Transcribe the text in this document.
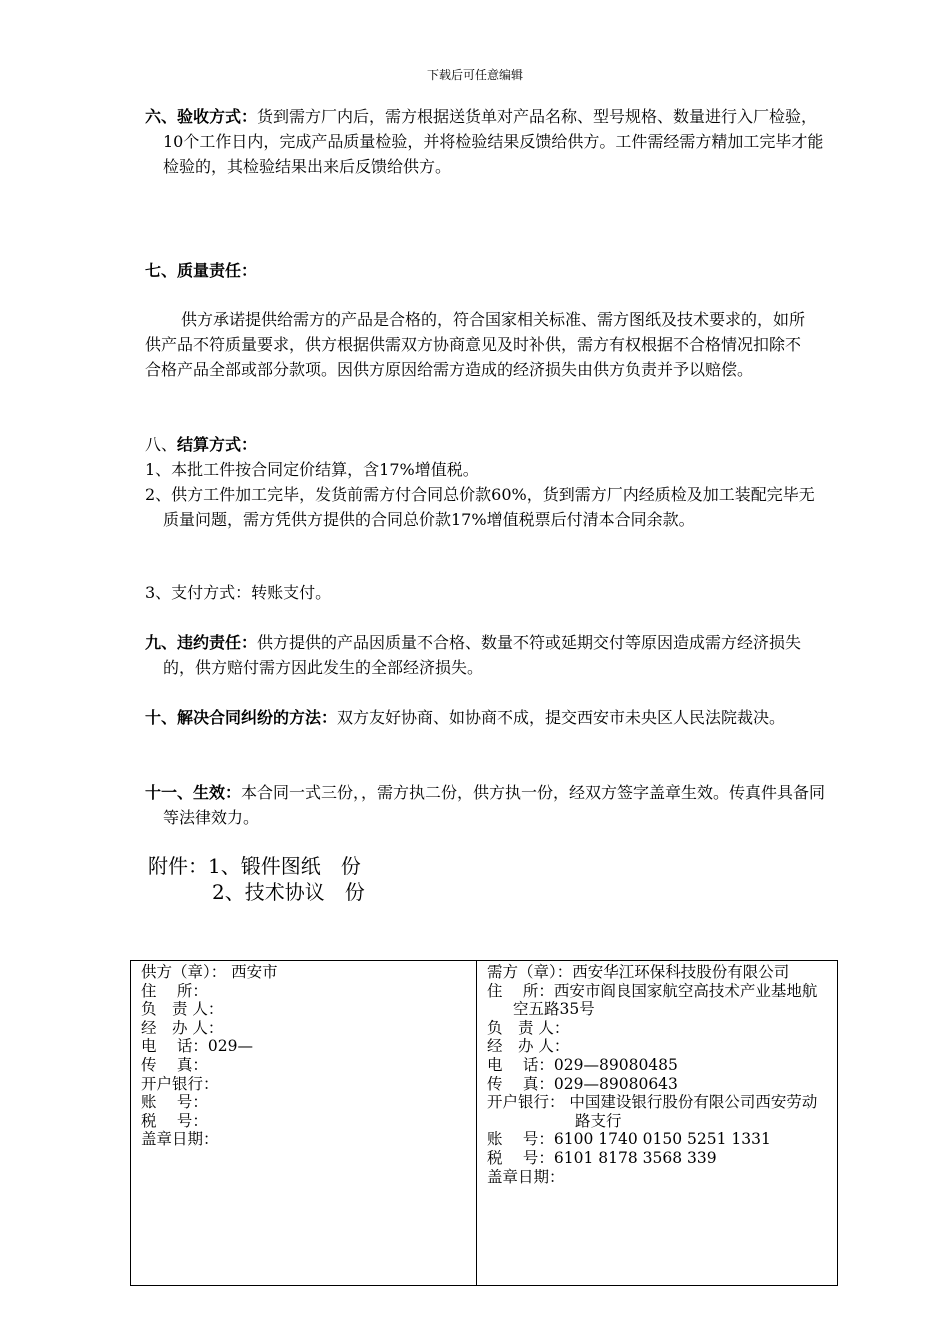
下载后可任意编辑
六、验收方式：货到需方厂内后，需方根据送货单对产品名称、型号规格、数量进行入厂检验，10个工作日内，完成产品质量检验，并将检验结果反馈给供方。工件需经需方精加工完毕才能检验的，其检验结果出来后反馈给供方。
七、质量责任：
供方承诺提供给需方的产品是合格的，符合国家相关标准、需方图纸及技术要求的，如所供产品不符质量要求，供方根据供需双方协商意见及时补供，需方有权根据不合格情况扣除不合格产品全部或部分款项。因供方原因给需方造成的经济损失由供方负责并予以赔偿。
八、结算方式：
1、本批工件按合同定价结算，含17%增值税。
2、供方工件加工完毕，发货前需方付合同总价款60%，货到需方厂内经质检及加工装配完毕无质量问题，需方凭供方提供的合同总价款17%增值税票后付清本合同余款。
3、支付方式：转账支付。
九、违约责任：供方提供的产品因质量不合格、数量不符或延期交付等原因造成需方经济损失的，供方赔付需方因此发生的全部经济损失。
十、解决合同纠纷的方法：双方友好协商、如协商不成，提交西安市未央区人民法院裁决。
十一、生效：本合同一式三份，，需方执二份，供方执一份，经双方签字盖章生效。传真件具备同等法律效力。
附件：1、锻件图纸　份
2、技术协议　份
供方（章）： 西安市
住　 所：
负　责 人：
经　办 人：
电　 话：029—
传　 真：
开户银行：
账　 号：
税　 号：
盖章日期：
需方（章）：西安华江环保科技股份有限公司
住　 所：西安市阎良国家航空高技术产业基地航空五路35号
负　责 人：
经　办 人：
电　 话：029—89080485
传　 真：029—89080643
开户银行： 中国建设银行股份有限公司西安劳动路支行
账　 号：6100 1740 0150 5251 1331
税　 号：6101 8178 3568 339
盖章日期：
